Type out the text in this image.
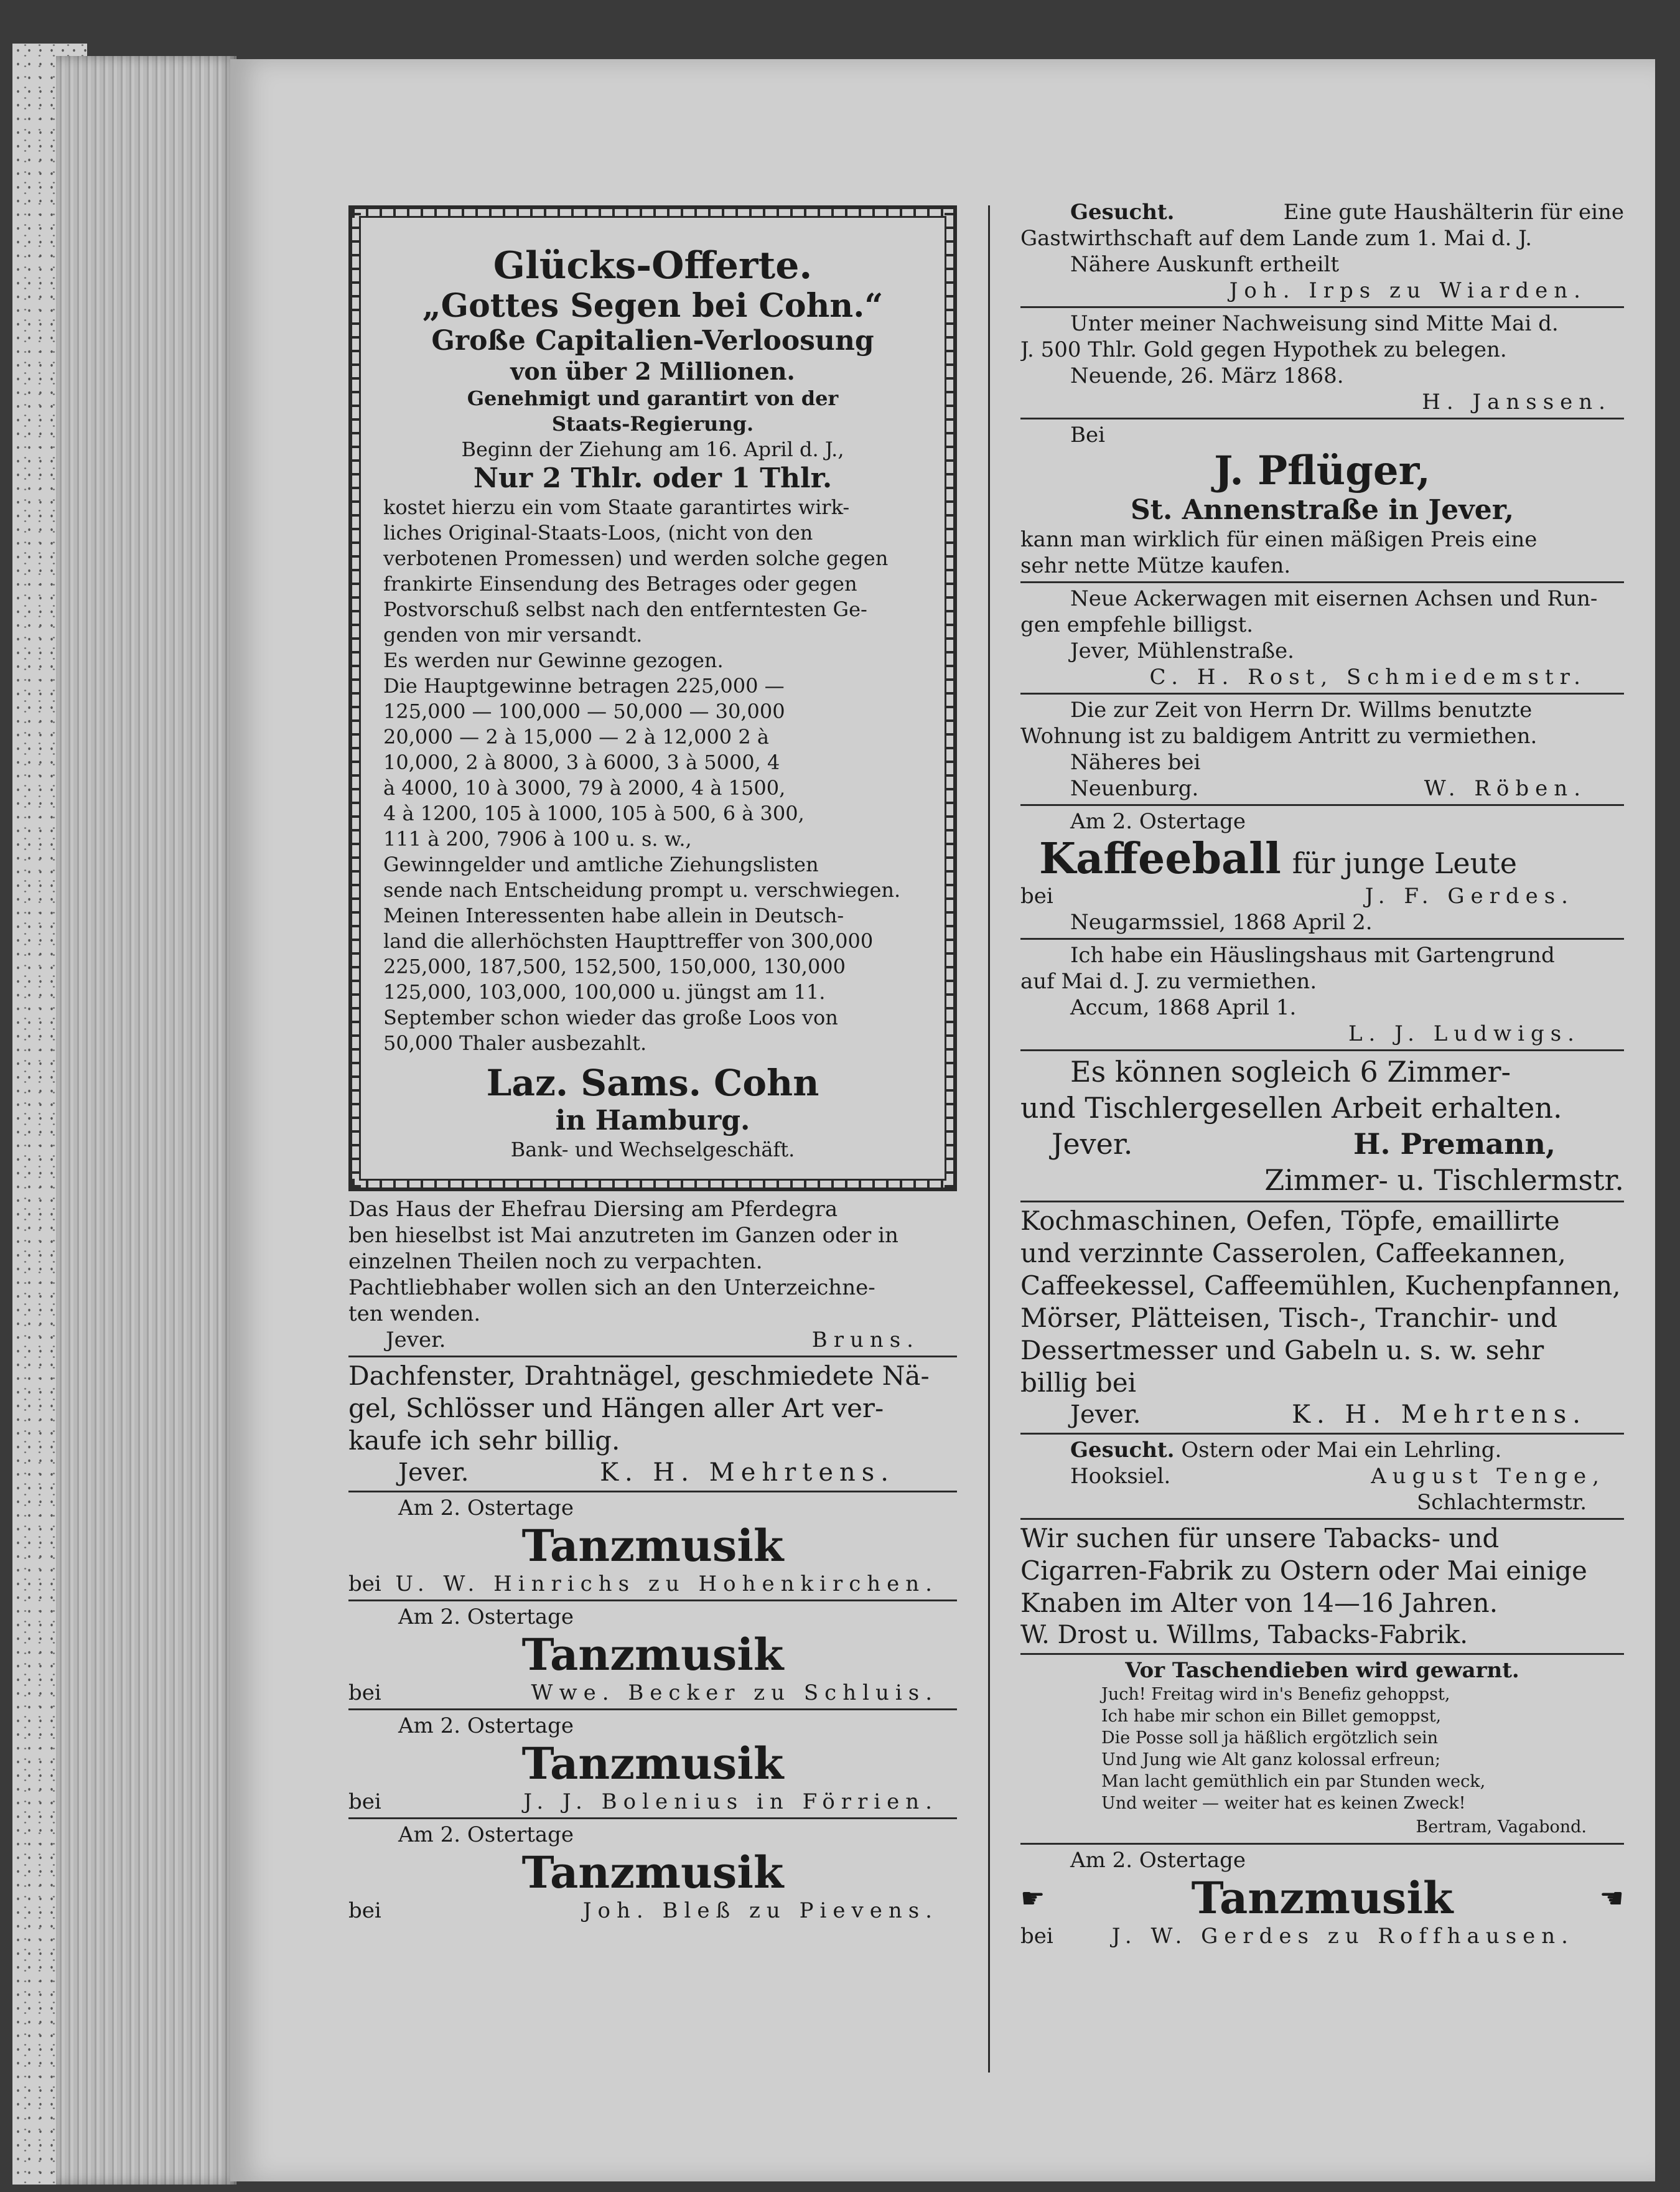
Glücks-Offerte.
„Gottes Segen bei Cohn.“
Große Capitalien-Verloosung
von über 2 Millionen.
Genehmigt und garantirt von der
Staats-Regierung.
Beginn der Ziehung am 16. April d. J.,
Nur 2 Thlr. oder 1 Thlr.
kostet hierzu ein vom Staate garantirtes wirk-
liches Original-Staats-Loos, (nicht von den
verbotenen Promessen) und werden solche gegen
frankirte Einsendung des Betrages oder gegen
Postvorschuß selbst nach den entferntesten Ge-
genden von mir versandt.
Es werden nur Gewinne gezogen.
Die Hauptgewinne betragen 225,000 —
125,000 — 100,000 — 50,000 — 30,000
20,000 — 2 à 15,000 — 2 à 12,000 2 à
10,000, 2 à 8000, 3 à 6000, 3 à 5000, 4
à 4000, 10 à 3000, 79 à 2000, 4 à 1500,
4 à 1200, 105 à 1000, 105 à 500, 6 à 300,
111 à 200, 7906 à 100 u. s. w.,
Gewinngelder und amtliche Ziehungslisten
sende nach Entscheidung prompt u. verschwiegen.
Meinen Interessenten habe allein in Deutsch-
land die allerhöchsten Haupttreffer von 300,000
225,000, 187,500, 152,500, 150,000, 130,000
125,000, 103,000, 100,000 u. jüngst am 11.
September schon wieder das große Loos von
50,000 Thaler ausbezahlt.
Laz. Sams. Cohn
in Hamburg.
Bank- und Wechselgeschäft.
Das Haus der Ehefrau Diersing am Pferdegra
ben hieselbst ist Mai anzutreten im Ganzen oder in
einzelnen Theilen noch zu verpachten.
Pachtliebhaber wollen sich an den Unterzeichne-
ten wenden.
Jever.	Bruns.
Dachfenster, Drahtnägel, geschmiedete Nä-
gel, Schlösser und Hängen aller Art ver-
kaufe ich sehr billig.
Jever.	K. H. Mehrtens.
Am 2. Ostertage
Tanzmusik
bei U. W. Hinrichs zu Hohenkirchen.
Am 2. Ostertage
Tanzmusik
bei	Wwe. Becker zu Schluis.
Am 2. Ostertage
Tanzmusik
bei	J. J. Bolenius in Förrien.
Am 2. Ostertage
Tanzmusik
bei	Joh. Bleß zu Pievens.
Gesucht.	Eine gute Haushälterin für eine
Gastwirthschaft auf dem Lande zum 1. Mai d. J.
Nähere Auskunft ertheilt
Joh. Irps zu Wiarden.
Unter meiner Nachweisung sind Mitte Mai d.
J. 500 Thlr. Gold gegen Hypothek zu belegen.
Neuende, 26. März 1868.
H. Janssen.
Bei
J. Pflüger,
St. Annenstraße in Jever,
kann man wirklich für einen mäßigen Preis eine
sehr nette Mütze kaufen.
Neue Ackerwagen mit eisernen Achsen und Run-
gen empfehle billigst.
Jever, Mühlenstraße.
C. H. Rost, Schmiedemstr.
Die zur Zeit von Herrn Dr. Willms benutzte
Wohnung ist zu baldigem Antritt zu vermiethen.
Näheres bei
Neuenburg.	W. Röben.
Am 2. Ostertage
Kaffeeball für junge Leute
bei	J. F. Gerdes.
Neugarmssiel, 1868 April 2.
Ich habe ein Häuslingshaus mit Gartengrund
auf Mai d. J. zu vermiethen.
Accum, 1868 April 1.
L. J. Ludwigs.
Es können sogleich 6 Zimmer-
und Tischlergesellen Arbeit erhalten.
Jever.	H. Premann,
Zimmer- u. Tischlermstr.
Kochmaschinen, Oefen, Töpfe, emaillirte
und verzinnte Casserolen, Caffeekannen,
Caffeekessel, Caffeemühlen, Kuchenpfannen,
Mörser, Plätteisen, Tisch-, Tranchir- und
Dessertmesser und Gabeln u. s. w. sehr
billig bei
Jever.	K. H. Mehrtens.
Gesucht. Ostern oder Mai ein Lehrling.
Hooksiel.	August Tenge,
Schlachtermstr.
Wir suchen für unsere Tabacks- und
Cigarren-Fabrik zu Ostern oder Mai einige
Knaben im Alter von 14—16 Jahren.
W. Drost u. Willms, Tabacks-Fabrik.
Vor Taschendieben wird gewarnt.
Juch! Freitag wird in's Benefiz gehoppst,
Ich habe mir schon ein Billet gemoppst,
Die Posse soll ja häßlich ergötzlich sein
Und Jung wie Alt ganz kolossal erfreun;
Man lacht gemüthlich ein par Stunden weck,
Und weiter — weiter hat es keinen Zweck!
Bertram, Vagabond.
Am 2. Ostertage
☛	Tanzmusik	☚
bei	J. W. Gerdes zu Roffhausen.
